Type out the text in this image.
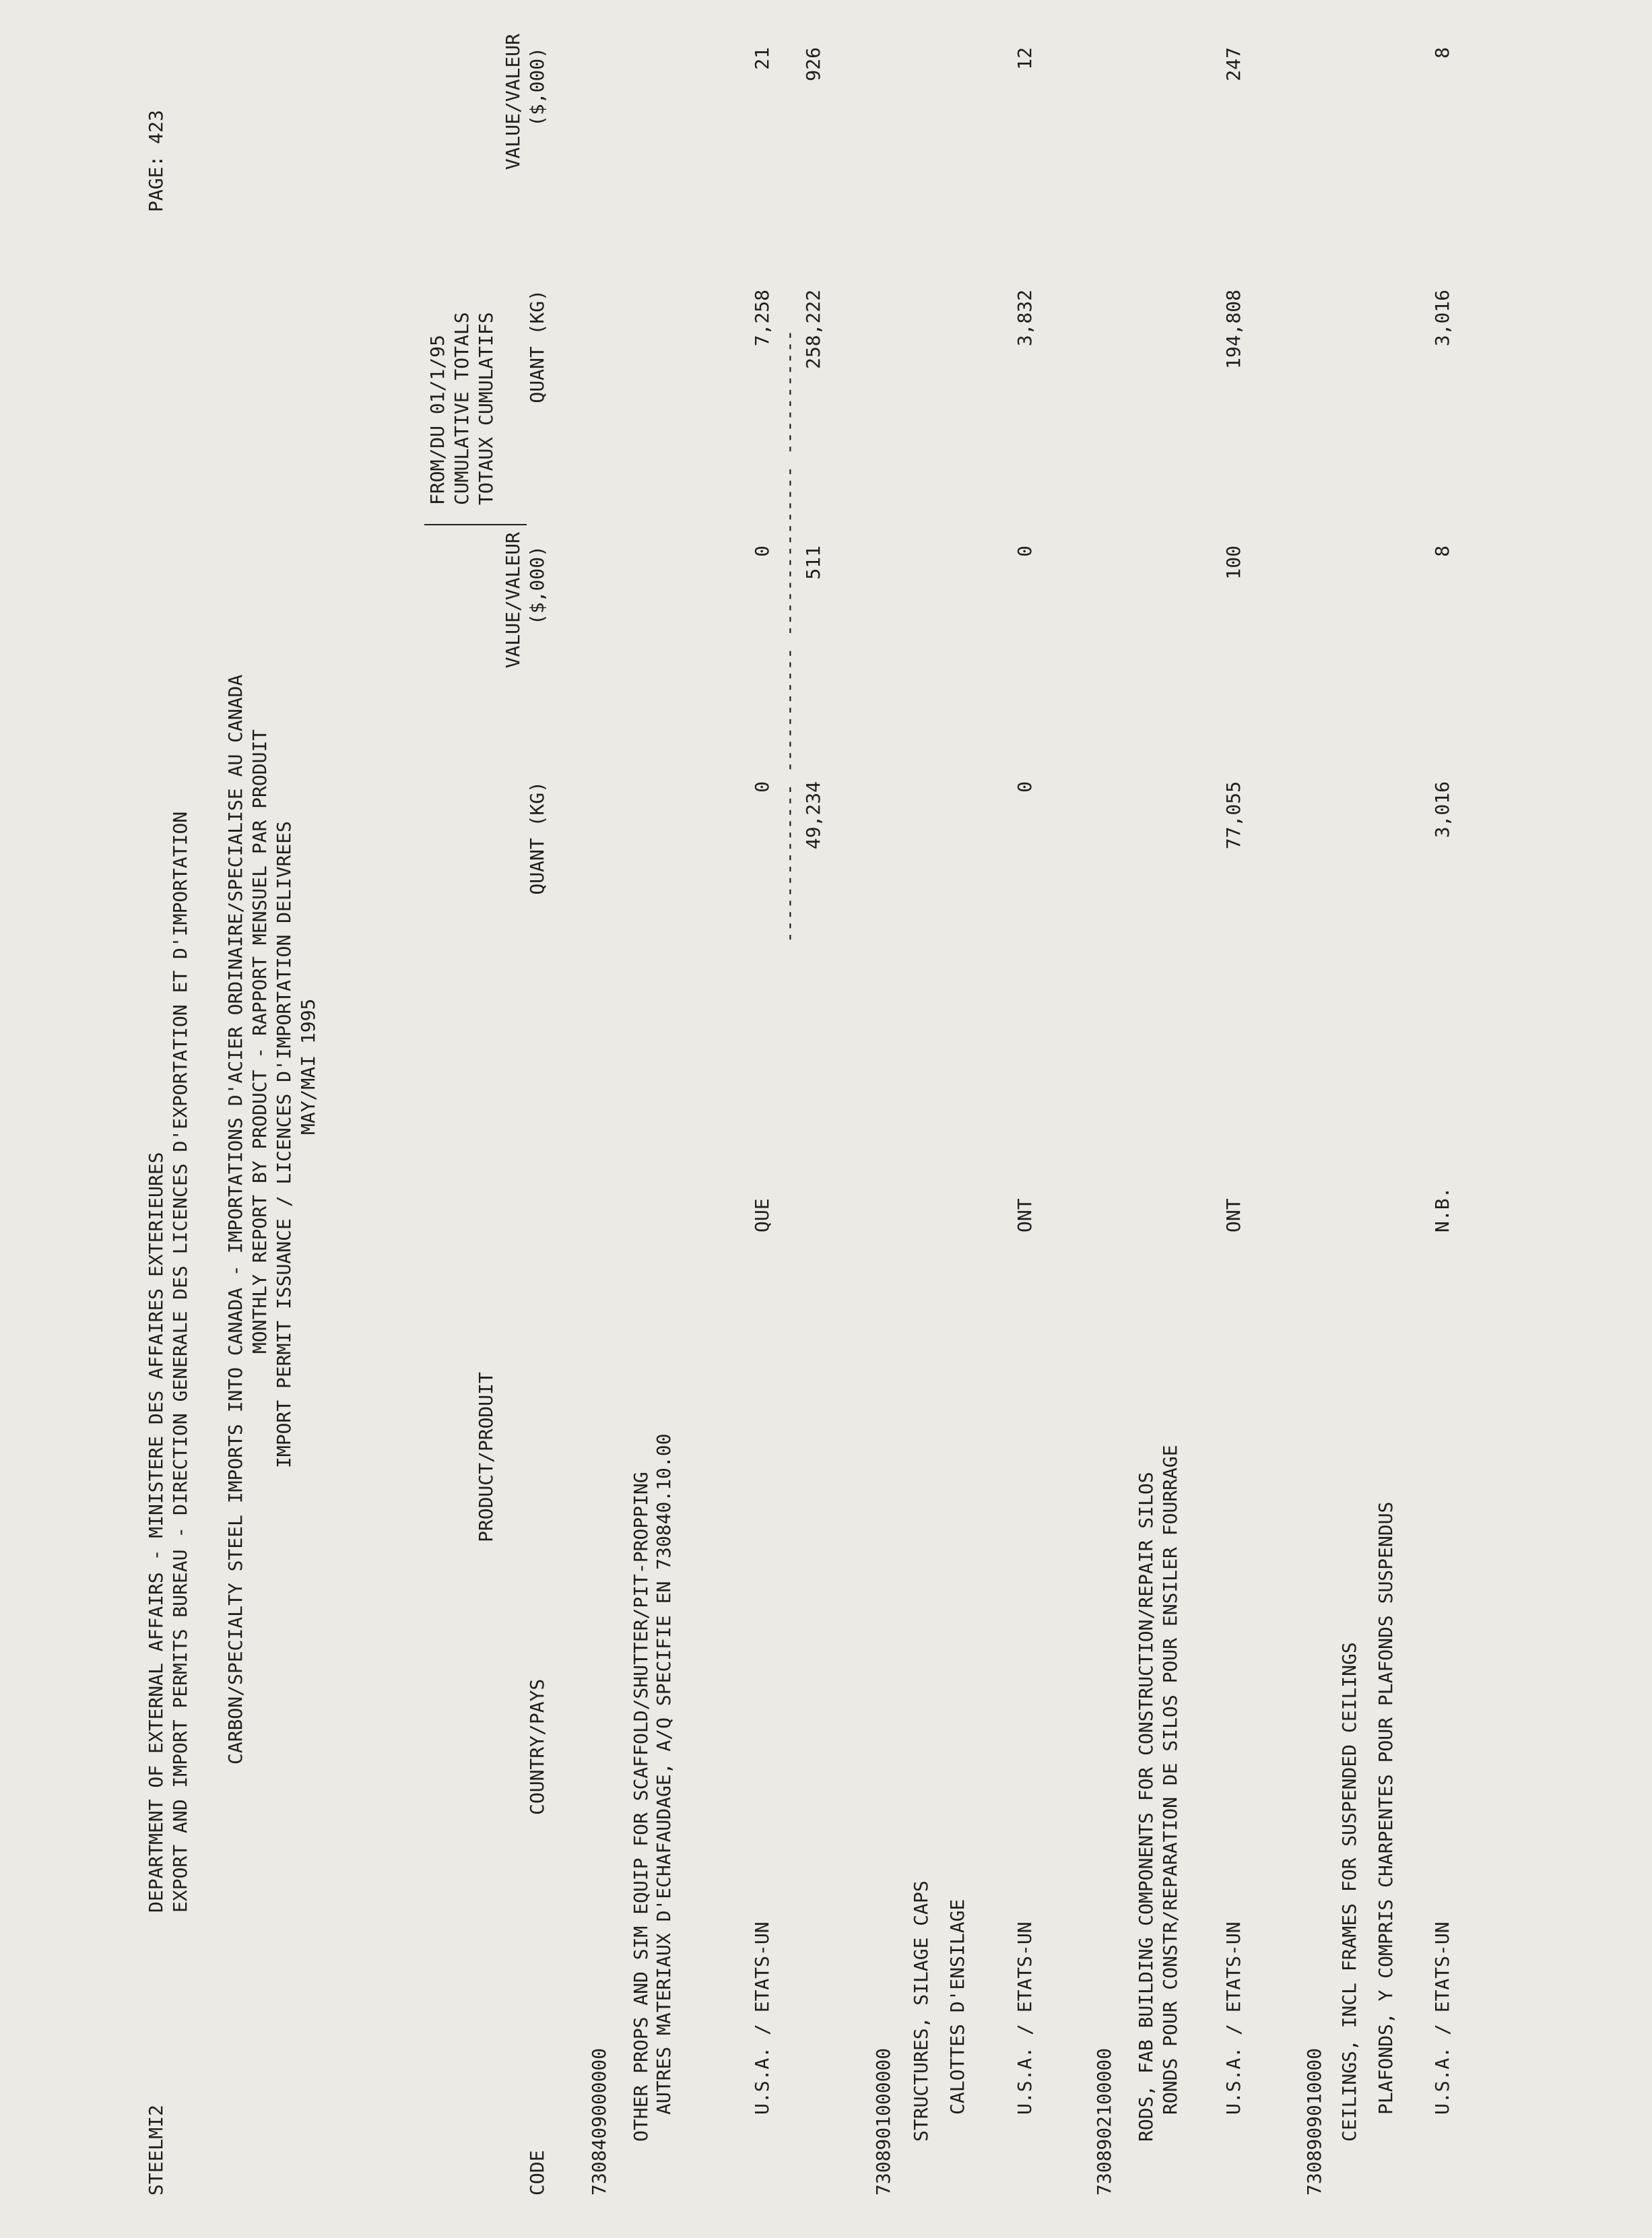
STEELMI2
DEPARTMENT OF EXTERNAL AFFAIRS - MINISTERE DES AFFAIRES EXTERIEURES
PAGE: 423
EXPORT AND IMPORT PERMITS BUREAU - DIRECTION GENERALE DES LICENCES D'EXPORTATION ET D'IMPORTATION CARBON/SPECIALTY STEEL IMPORTS INTO CANADA - IMPORTATIONS D'ACIER ORDINAIRE/SPECIALISE AU CANADA MONTHLY REPORT BY PRODUCT - RAPPORT MENSUEL PAR PRODUIT IMPORT PERMIT ISSUANCE / LICENCES D'IMPORTATION DELIVREES MAY/MAI 1995
FROM/DU 01/1/95 CUMULATIVE TOTALS TOTAUX CUMULATIFS
PRODUCT/PRODUIT
VALUE/VALEUR
VALUE/VALEUR
CODE
COUNTRY/PAYS
QUANT (KG)
($,000)
QUANT (KG)
($,000)
7308409000000 OTHER PROPS AND SIM EQUIP FOR SCAFFOLD/SHUTTER/PIT-PROPPING AUTRES MATERIAUX D'ECHAFAUDAGE, A/Q SPECIFIE EN 730840.10.00	U.S.A. / ETATS-UN
QUE
0
0
7,258
21
-------------- ----------- --------------- ----------- 49,234
511
258,222
926
7308901000000 STRUCTURES, SILAGE CAPS CALOTTES D'ENSILAGE U.S.A. / ETATS-UN
ONT
0
0
3,832
12
7308902100000 RODS, FAB BUILDING COMPONENTS FOR CONSTRUCTION/REPAIR SILOS RONDS POUR CONSTR/REPARATION DE SILOS POUR ENSILER FOURRAGE U.S.A. / ETATS-UN
ONT
77,055
100
194,808
247
7308909010000 CEILINGS, INCL FRAMES FOR SUSPENDED CEILINGS PLAFONDS, Y COMPRIS CHARPENTES POUR PLAFONDS SUSPENDUS U.S.A. / ETATS-UN
N.B.
3,016
8
3,016
8
